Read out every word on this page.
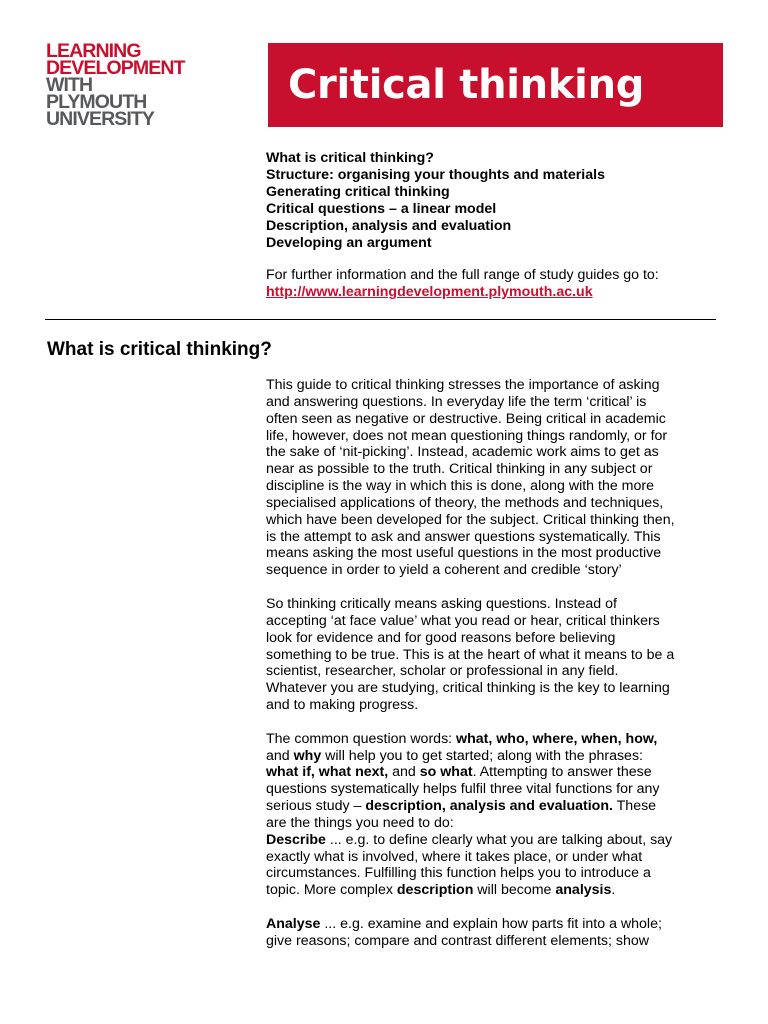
LEARNING
DEVELOPMENT
WITH
PLYMOUTH
UNIVERSITY
Critical thinking
What is critical thinking?
Structure: organising your thoughts and materials
Generating critical thinking
Critical questions – a linear model
Description, analysis and evaluation
Developing an argument
For further information and the full range of study guides go to:
http://www.learningdevelopment.plymouth.ac.uk
What is critical thinking?
This guide to critical thinking stresses the importance of asking
and answering questions. In everyday life the term ‘critical’ is
often seen as negative or destructive. Being critical in academic
life, however, does not mean questioning things randomly, or for
the sake of ‘nit-picking’. Instead, academic work aims to get as
near as possible to the truth. Critical thinking in any subject or
discipline is the way in which this is done, along with the more
specialised applications of theory, the methods and techniques,
which have been developed for the subject. Critical thinking then,
is the attempt to ask and answer questions systematically. This
means asking the most useful questions in the most productive
sequence in order to yield a coherent and credible ‘story’
So thinking critically means asking questions. Instead of
accepting ‘at face value’ what you read or hear, critical thinkers
look for evidence and for good reasons before believing
something to be true. This is at the heart of what it means to be a
scientist, researcher, scholar or professional in any field.
Whatever you are studying, critical thinking is the key to learning
and to making progress.
The common question words: what, who, where, when, how,
and why will help you to get started; along with the phrases:
what if, what next, and so what. Attempting to answer these
questions systematically helps fulfil three vital functions for any
serious study – description, analysis and evaluation. These
are the things you need to do:
Describe ... e.g. to define clearly what you are talking about, say
exactly what is involved, where it takes place, or under what
circumstances. Fulfilling this function helps you to introduce a
topic. More complex description will become analysis.
Analyse ... e.g. examine and explain how parts fit into a whole;
give reasons; compare and contrast different elements; show
